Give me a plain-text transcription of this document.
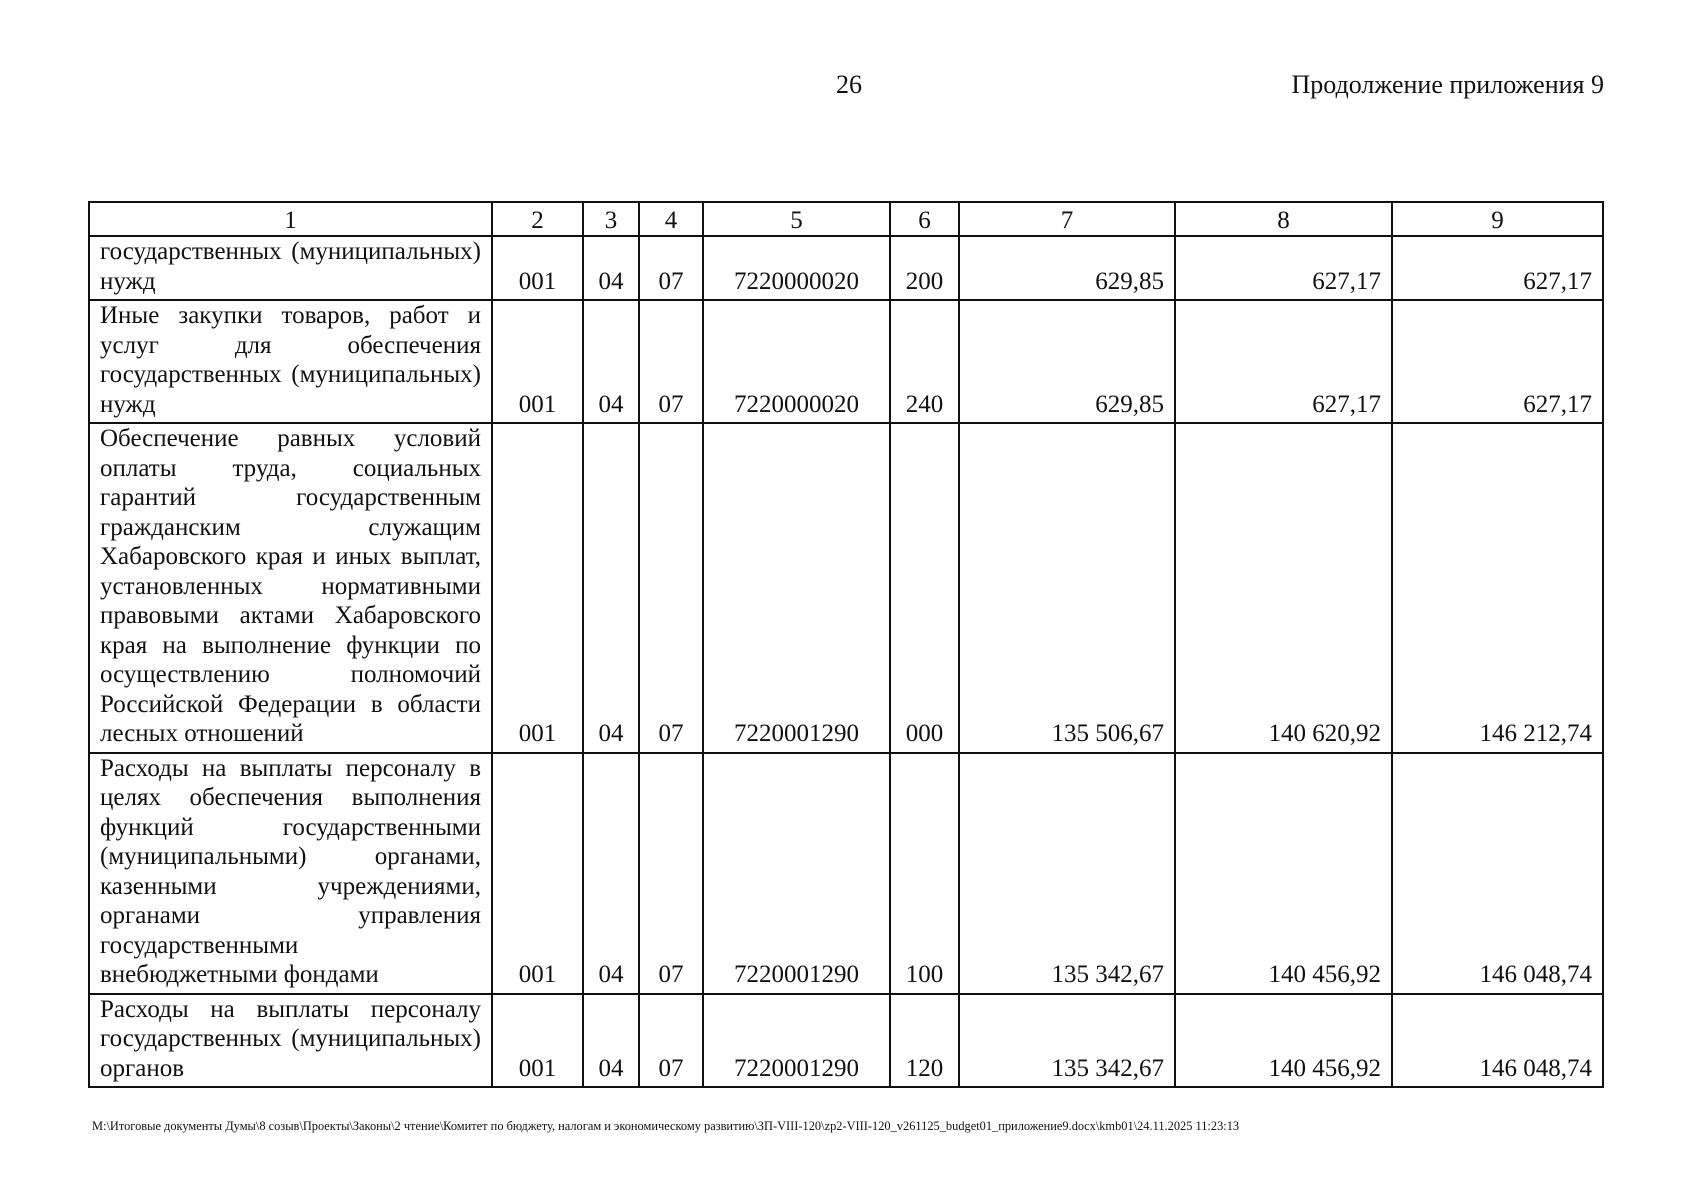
26	Продолжение приложения 9
1	2	3	4	5	6	7	8	9
государственных (муниципальных) нужд	001	04	07	7220000020	200	629,85	627,17	627,17
Иные закупки товаров, работ и услуг для обеспечения государственных (муниципальных) нужд	001	04	07	7220000020	240	629,85	627,17	627,17
Обеспечение равных условий оплаты труда, социальных гарантий государственным гражданским служащим Хабаровского края и иных выплат, установленных нормативными правовыми актами Хабаровского края на выполнение функции по осуществлению полномочий Российской Федерации в области лесных отношений	001	04	07	7220001290	000	135 506,67	140 620,92	146 212,74
Расходы на выплаты персоналу в целях обеспечения выполнения функций государственными (муниципальными) органами, казенными учреждениями, органами управления государственными внебюджетными фондами	001	04	07	7220001290	100	135 342,67	140 456,92	146 048,74
Расходы на выплаты персоналу государственных (муниципальных) органов	001	04	07	7220001290	120	135 342,67	140 456,92	146 048,74
M:\Итоговые документы Думы\8 созыв\Проекты\Законы\2 чтение\Комитет по бюджету, налогам и экономическому развитию\ЗП-VIII-120\zp2-VIII-120_v261125_budget01_приложение9.docx\kmb01\24.11.2025 11:23:13
